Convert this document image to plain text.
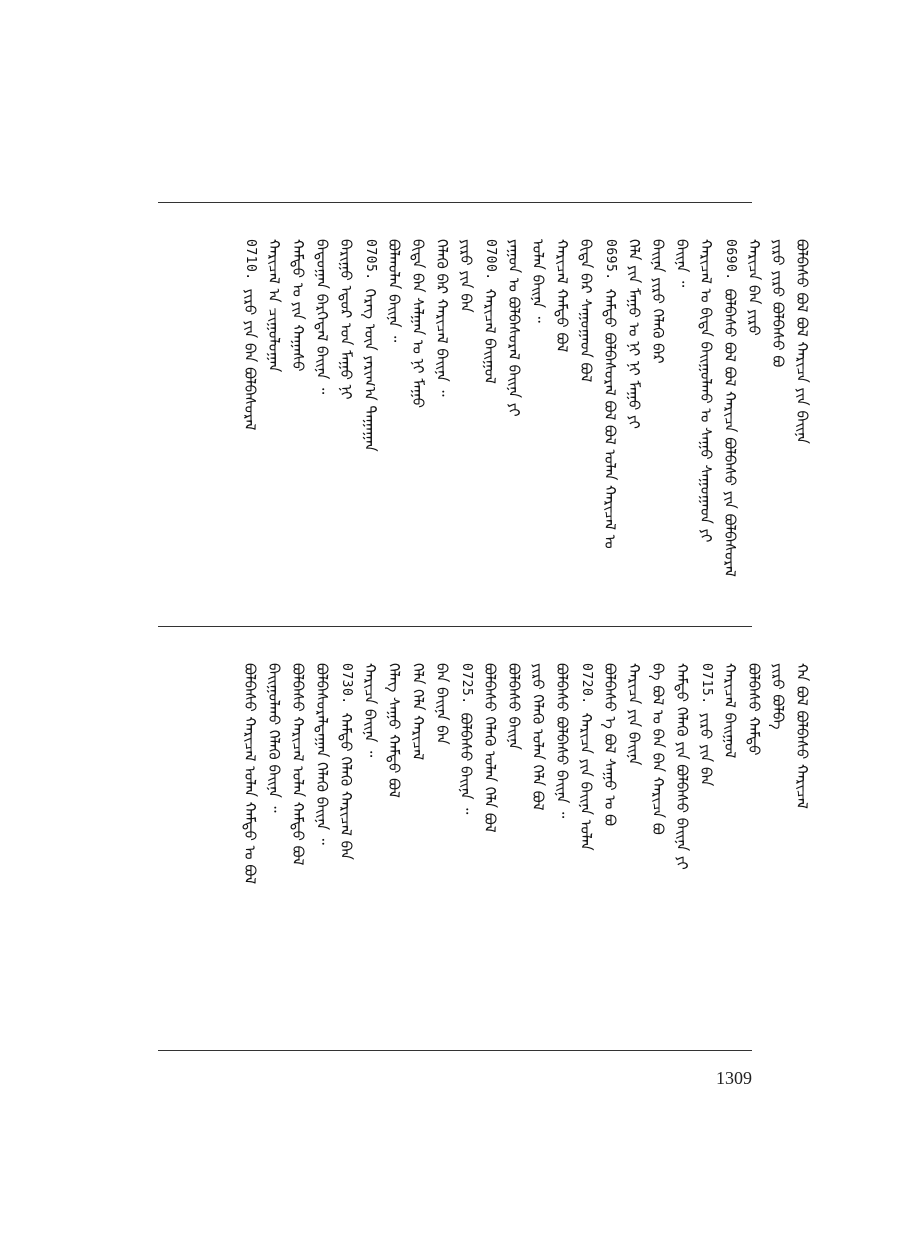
0710.ᠶᠢᠷᠦ ᠶᠢᠨ ᠪᠠᠨ ᠪᠣᠯᠪᠠᠰᠤᠷᠠᠯ ᠬᠠᠷᠢᠴᠠᠯ ᠠ ᠴᠢᠭᠤᠯᠤᠭᠠᠨ ᠬᠠᠮᠲᠤ ᠤ ᠶᠢᠨ ᠬᠠᠭᠠᠰᠤ ᠪᠠᠳᠤᠭᠠᠨ ᠪᠡᠷᠬᠡᠳᠡᠯ ᠪᠠᠢᠨᠠ ᠃ ᠪᠠᠷᠢᠭᠤ ᠡᠳᠦᠷ ᠤᠨ ᠮᠠᠭᠤ ᠨᠢ 0705.ᠬᠡᠷᠡᠭ ᠦᠨ ᠶᠠᠷᠢᠭ᠎ᠠ ᠳᠠᠭᠠᠭᠠᠨ ᠪᠣᠯᠬᠣᠯᠠᠨ ᠪᠠᠢᠨᠠ ᠃ ᠪᠢᠳᠡ ᠪᠠᠨ ᠰᠠᠯᠭᠠᠨ ᠤ ᠨᠢ ᠮᠠᠭᠤ ᠬᠡᠯᠡᠬᠦ ᠪᠡᠷ ᠬᠠᠷᠢᠴᠠᠯ ᠪᠠᠢᠨᠠ ᠃ ᠶᠢᠷᠦ ᠶᠢᠨ ᠪᠠᠨ 0700.ᠬᠠᠷᠢᠴᠠᠯ ᠪᠠᠢᠭᠤᠯ ᠶᠠᠭᠤᠨ ᠤ ᠪᠣᠯᠪᠠᠰᠤᠷᠠᠯ ᠪᠠᠢᠨᠠ ᠶᠢ ᠣᠯᠠᠨ ᠪᠠᠢᠨᠠ ᠃ ᠬᠠᠷᠢᠴᠠᠯ ᠬᠠᠮᠲᠤ ᠪᠣᠯ ᠪᠢᠳᠡ ᠪᠡᠷ ᠰᠠᠭᠤᠭᠠᠳ ᠪᠣᠯ 0695.ᠬᠠᠮᠲᠤ ᠪᠣᠯᠪᠠᠰᠤᠷᠠᠯ ᠪᠣᠯ ᠪᠣᠯ ᠣᠯᠠᠨ ᠬᠠᠷᠢᠴᠠᠯ ᠤ ᠬᠡᠯᠡ ᠶᠢᠨ ᠮᠠᠭᠤ ᠤ ᠨᠢ ᠨᠢ ᠮᠠᠭᠤ ᠶᠢ ᠪᠠᠢᠨᠠ ᠶᠢᠷᠦ ᠬᠡᠯᠡᠬᠦ ᠪᠠᠷ ᠪᠠᠢᠨᠠ ᠃ ᠬᠠᠷᠢᠴᠠᠯ ᠤ ᠪᠢᠳᠡ ᠪᠠᠢᠭᠤᠯᠬᠤ ᠤ ᠰᠠᠭᠤ ᠰᠠᠭᠤᠭᠠᠳ ᠶᠢ 0690.ᠪᠣᠯᠪᠠᠰᠤ ᠪᠣᠯ ᠪᠣᠯ ᠬᠠᠷᠢᠴᠠ ᠪᠣᠯᠪᠠᠰᠤ ᠶᠢᠨ ᠪᠣᠯᠪᠠᠰᠤᠷᠠᠯ
ᠬᠠᠷᠢᠴᠠ ᠪᠠᠨ ᠶᠢᠷᠦ ᠶᠢᠷᠦ ᠶᠢᠷᠦ ᠪᠣᠯᠪᠠᠰᠤ ᠪᠣ ᠪᠣᠯᠪᠠᠰᠤ ᠪᠣᠯ ᠪᠣᠯ ᠬᠠᠷᠢᠴᠠ ᠶᠢᠨ ᠪᠠᠢᠨᠠ
ᠪᠣᠯᠪᠠᠰᠤ ᠬᠠᠷᠢᠴᠠᠯ ᠣᠯᠠᠨ ᠬᠠᠮᠲᠤ ᠤ ᠪᠣᠯ ᠪᠠᠢᠭᠤᠯᠬᠤ ᠬᠡᠯᠡᠬᠦ ᠪᠠᠢᠨᠠ ᠃ ᠪᠣᠯᠪᠠᠰᠤ ᠬᠠᠷᠢᠴᠠᠯ ᠣᠯᠠᠨ ᠬᠠᠮᠲᠤ ᠪᠣᠯ ᠪᠣᠯᠪᠠᠰᠤᠷᠠᠯᠳᠠᠭᠠᠨ ᠬᠡᠯᠡᠬᠦ ᠪᠠᠢᠨᠠ ᠃ 0730.ᠬᠠᠮᠲᠤ ᠬᠡᠯᠡᠬᠦ ᠬᠠᠷᠢᠴᠠᠯ ᠪᠠᠨ
ᠬᠠᠷᠢᠴᠠ ᠪᠠᠢᠨᠠ ᠃ ᠬᠡᠯᠡᠭ ᠰᠠᠭᠤ ᠬᠠᠮᠲᠤ ᠪᠣᠯ ᠬᠡᠯᠡ ᠬᠡᠯᠡ ᠬᠠᠷᠢᠴᠠᠯ ᠪᠠᠨ ᠪᠠᠢᠨᠠ ᠪᠠᠨ 0725.ᠪᠣᠯᠪᠠᠰᠤ ᠪᠠᠢᠨᠠ ᠃ ᠪᠣᠯᠪᠠᠰᠤ ᠬᠡᠯᠡᠬᠦ ᠣᠯᠠᠨ ᠬᠡᠯᠡ ᠪᠣᠯ ᠪᠣᠯᠪᠠᠰᠤ ᠪᠠᠢᠨᠠ ᠶᠢᠷᠦ ᠬᠡᠯᠡᠬᠦ ᠣᠯᠠᠨ ᠬᠡᠯᠡ ᠪᠣᠯ ᠪᠣᠯᠪᠠᠰᠤ ᠪᠣᠯᠪᠠᠰᠤ ᠪᠠᠢᠨᠠ ᠃ 0720.ᠬᠠᠷᠢᠴᠠ ᠶᠢᠨ ᠪᠠᠢᠨᠠ ᠣᠯᠠᠨ ᠪᠣᠯᠪᠠᠰᠤ ᠡ ᠪᠣᠯ ᠰᠠᠭᠤ ᠤ ᠪᠣ ᠬᠠᠷᠢᠴᠠ ᠶᠢᠨ ᠪᠠᠢᠨᠠ ᠪᠠ ᠪᠣᠯ ᠤ ᠪᠠᠨ ᠪᠠᠨ ᠬᠠᠷᠢᠴᠠ ᠪᠣ ᠬᠠᠮᠲᠤ ᠬᠡᠯᠡᠬᠦ ᠶᠢᠨ ᠪᠣᠯᠪᠠᠰᠤ ᠪᠠᠢᠨᠠ ᠶᠢ 0715.ᠶᠢᠷᠦ ᠶᠢᠨ ᠪᠠᠨ ᠬᠠᠷᠢᠴᠠᠯ ᠪᠠᠢᠭᠤᠯ ᠪᠣᠯᠪᠠᠰᠤ ᠬᠠᠮᠲᠤ ᠶᠢᠷᠦ ᠪᠣᠯᠪᠠ ᠬᠠ ᠪᠣᠯ ᠪᠣᠯᠪᠠᠰᠤ ᠬᠠᠷᠢᠴᠠᠯ
1309
